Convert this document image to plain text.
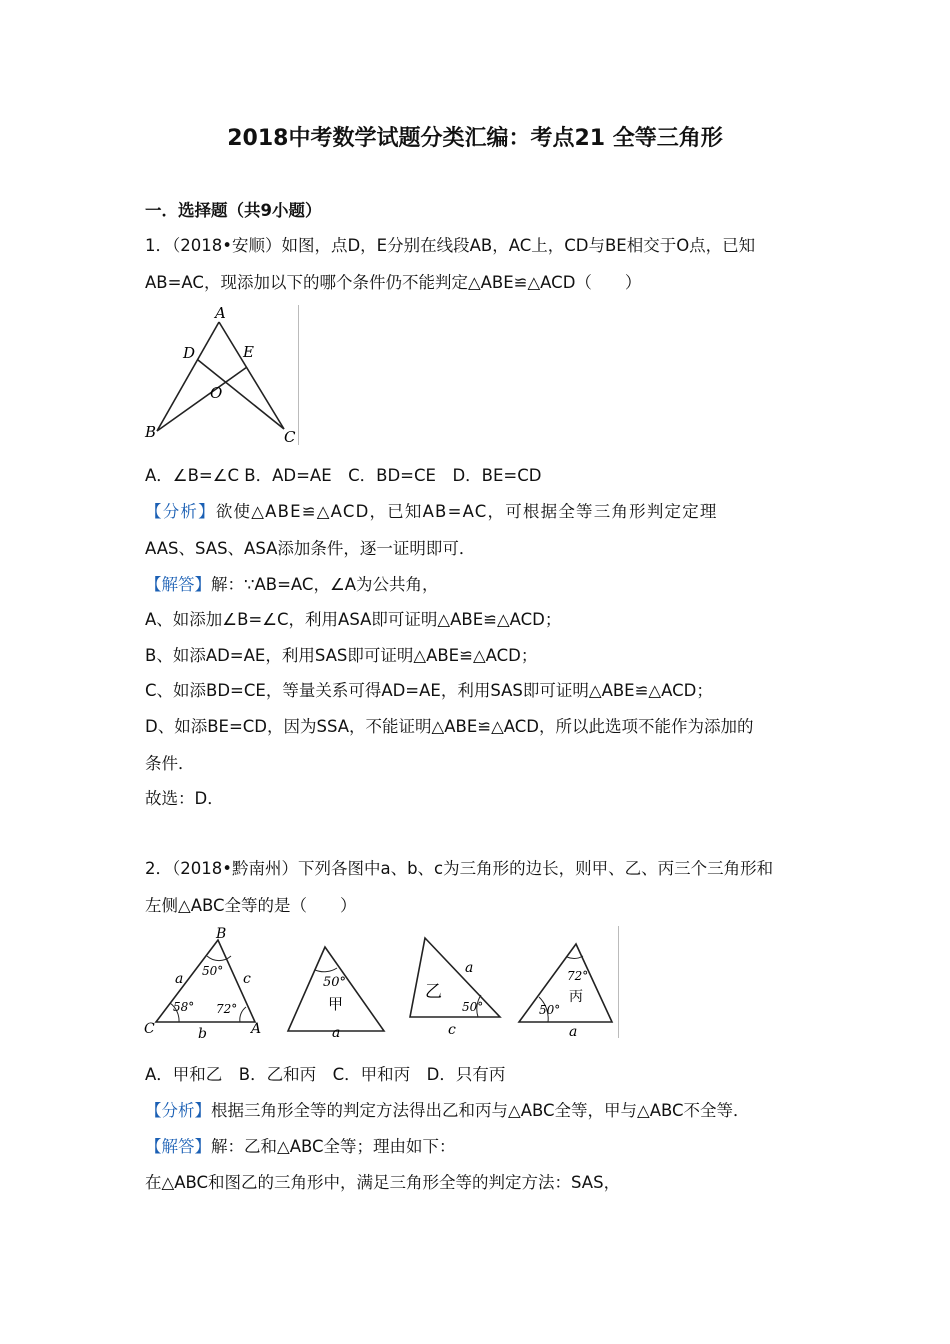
2018中考数学试题分类汇编：考点21 全等三角形
一．选择题（共9小题）
1．（2018•安顺）如图，点D，E分别在线段AB，AC上，CD与BE相交于O点，已知
AB=AC，现添加以下的哪个条件仍不能判定△ABE≌△ACD（　　）
A
D	E
O
B	C
A．∠B=∠C B．AD=AE　C．BD=CE　D．BE=CD
【分析】欲使△ABE≌△ACD，已知AB=AC，可根据全等三角形判定定理
AAS、SAS、ASA添加条件，逐一证明即可．
【解答】解：∵AB=AC，∠A为公共角，
A、如添加∠B=∠C，利用ASA即可证明△ABE≌△ACD；
B、如添AD=AE，利用SAS即可证明△ABE≌△ACD；
C、如添BD=CE，等量关系可得AD=AE，利用SAS即可证明△ABE≌△ACD；
D、如添BE=CD，因为SSA，不能证明△ABE≌△ACD，所以此选项不能作为添加的
条件．
故选：D．
2．（2018•黔南州）下列各图中a、b、c为三角形的边长，则甲、乙、丙三个三角形和
左侧△ABC全等的是（　　）
B
C	A
a	c
b
50°
58° 72°
50°
甲
a
50°
乙
a
c
72°
丙
50°
a
A．甲和乙　B．乙和丙　C．甲和丙　D．只有丙
【分析】根据三角形全等的判定方法得出乙和丙与△ABC全等，甲与△ABC不全等．
【解答】解：乙和△ABC全等；理由如下：
在△ABC和图乙的三角形中，满足三角形全等的判定方法：SAS，
